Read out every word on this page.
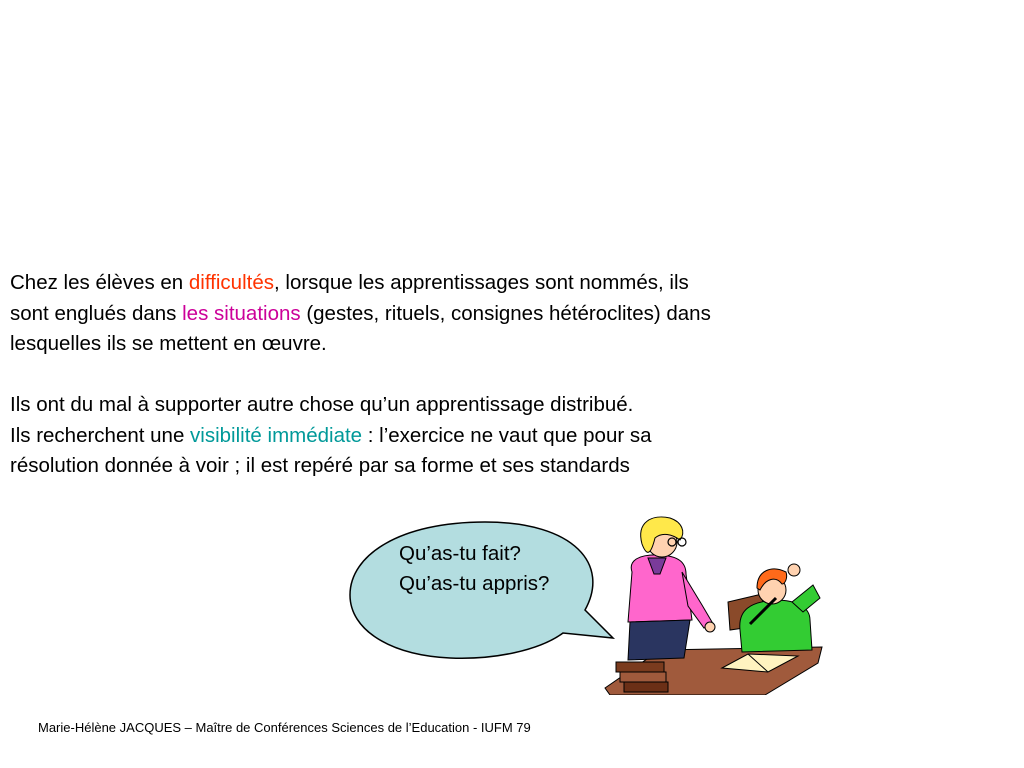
Chez les élèves en difficultés, lorsque les apprentissages sont nommés, ils

sont englués dans les situations (gestes, rituels, consignes hétéroclites) dans

lesquelles ils se mettent en œuvre.

Ils ont du mal à supporter autre chose qu’un apprentissage distribué.

Ils recherchent une visibilité immédiate : l’exercice ne vaut que pour sa

résolution donnée à voir ; il est repéré par sa forme et ses standards

Qu’as-tu fait?
Qu’as-tu appris?
Marie-Hélène JACQUES – Maître de Conférences Sciences de l’Education - IUFM 79
